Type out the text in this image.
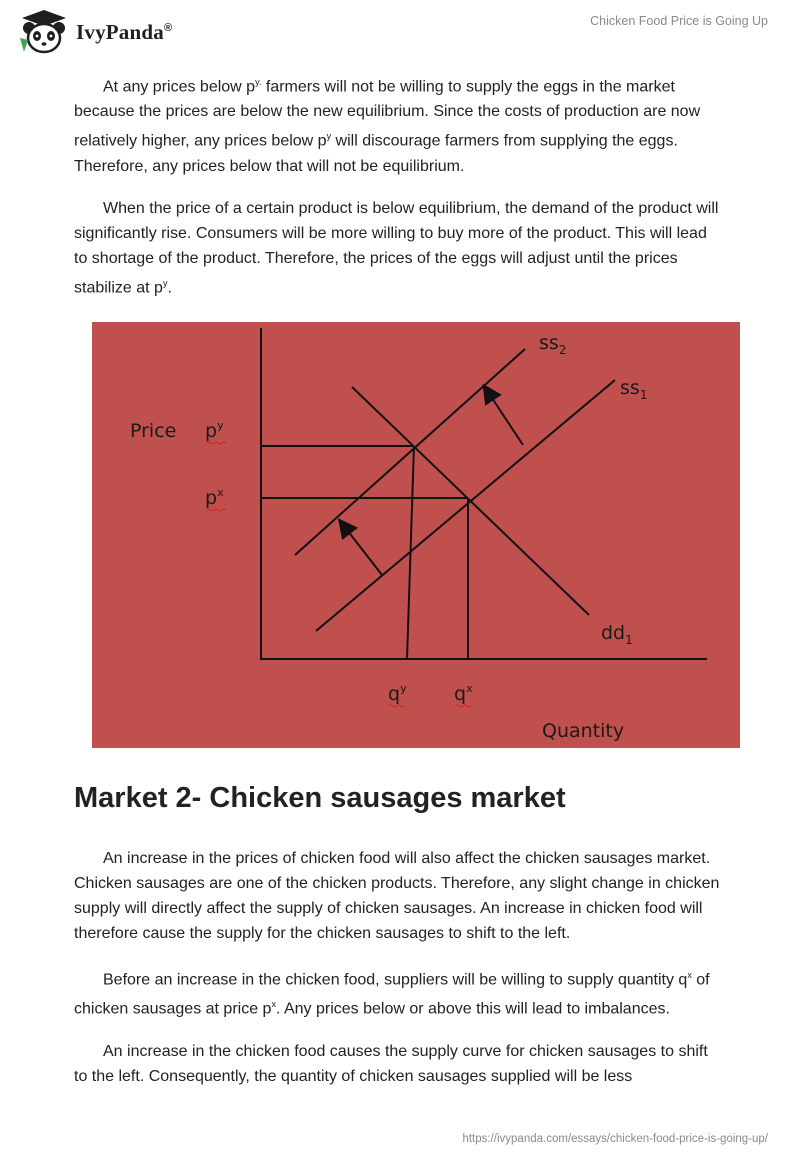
IvyPanda®	Chicken Food Price is Going Up

At any prices below $p^{y.}$ farmers will not be willing to supply the eggs in the market because the prices are below the new equilibrium. Since the costs of production are now relatively higher, any prices below $p^y$ will discourage farmers from supplying the eggs. Therefore, any prices below that will not be equilibrium.

When the price of a certain product is below equilibrium, the demand of the product will significantly rise. Consumers will be more willing to buy more of the product. This will lead to shortage of the product. Therefore, the prices of the eggs will adjust until the prices stabilize at $p^y$.

Price $p^y$
$p^x$
$q^y$ $q^x$
Quantity
$ss_2$
$ss_1$
$dd_1$
Market 2- Chicken sausages market

An increase in the prices of chicken food will also affect the chicken sausages market. Chicken sausages are one of the chicken products. Therefore, any slight change in chicken supply will directly affect the supply of chicken sausages. An increase in chicken food will therefore cause the supply for the chicken sausages to shift to the left.

Before an increase in the chicken food, suppliers will be willing to supply quantity $q^x$ of chicken sausages at price $p^x$. Any prices below or above this will lead to imbalances.

An increase in the chicken food causes the supply curve for chicken sausages to shift to the left. Consequently, the quantity of chicken sausages supplied will be less

https://ivypanda.com/essays/chicken-food-price-is-going-up/
